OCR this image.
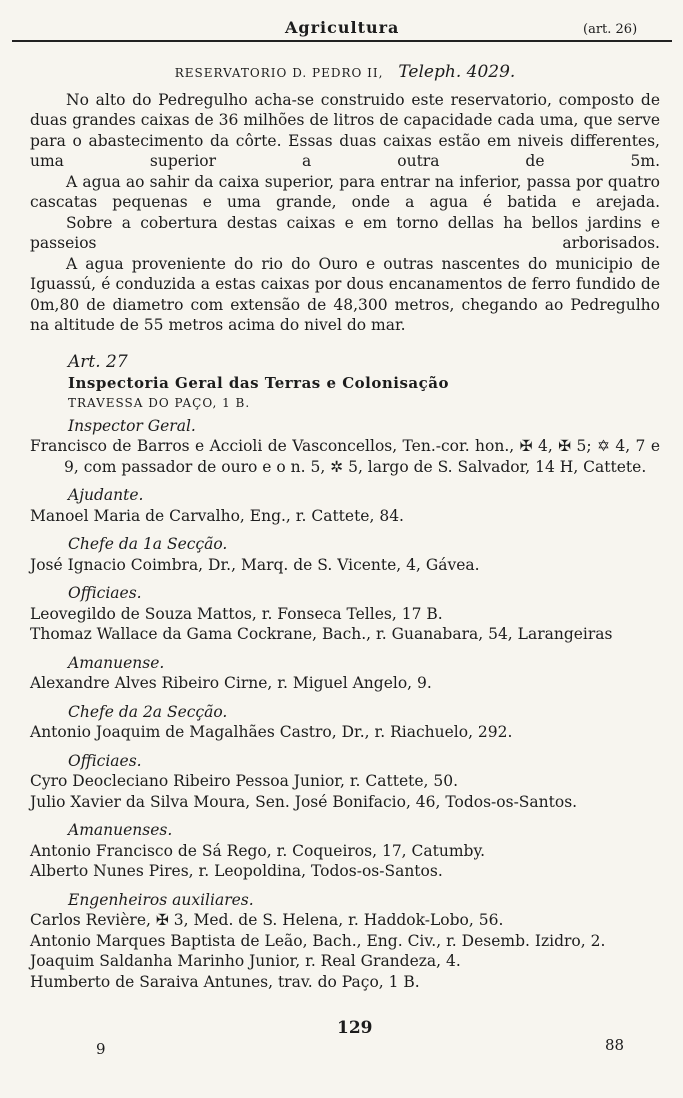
Agricultura	(art. 26)
RESERVATORIO D. PEDRO II, Teleph. 4029.
No alto do Pedregulho acha-se construido este reservatorio, composto de duas grandes caixas de 36 milhões de litros de capacidade cada uma, que serve para o abastecimento da côrte. Essas duas caixas estão em niveis differentes, uma superior a outra de 5m.
A agua ao sahir da caixa superior, para entrar na inferior, passa por quatro cascatas pequenas e uma grande, onde a agua é batida e arejada.
Sobre a cobertura destas caixas e em torno dellas ha bellos jardins e passeios arborisados.
A agua proveniente do rio do Ouro e outras nascentes do municipio de Iguassú, é conduzida a estas caixas por dous encanamentos de ferro fundido de 0m,80 de diametro com extensão de 48,300 metros, chegando ao Pedregulho na altitude de 55 metros acima do nivel do mar.
Art. 27
Inspectoria Geral das Terras e Colonisação
TRAVESSA DO PAÇO, 1 B.
Inspector Geral.
Francisco de Barros e Accioli de Vasconcellos, Ten.-cor. hon., ✠ 4, ✠ 5; ✡ 4, 7 e 9, com passador de ouro e o n. 5, ✲ 5, largo de S. Salvador, 14 H, Cattete.
Ajudante.
Manoel Maria de Carvalho, Eng., r. Cattete, 84.
Chefe da 1a Secção.
José Ignacio Coimbra, Dr., Marq. de S. Vicente, 4, Gávea.
Officiaes.
Leovegildo de Souza Mattos, r. Fonseca Telles, 17 B.
Thomaz Wallace da Gama Cockrane, Bach., r. Guanabara, 54, Larangeiras
Amanuense.
Alexandre Alves Ribeiro Cirne, r. Miguel Angelo, 9.
Chefe da 2a Secção.
Antonio Joaquim de Magalhães Castro, Dr., r. Riachuelo, 292.
Officiaes.
Cyro Deocleciano Ribeiro Pessoa Junior, r. Cattete, 50.
Julio Xavier da Silva Moura, Sen. José Bonifacio, 46, Todos-os-Santos.
Amanuenses.
Antonio Francisco de Sá Rego, r. Coqueiros, 17, Catumby.
Alberto Nunes Pires, r. Leopoldina, Todos-os-Santos.
Engenheiros auxiliares.
Carlos Revière, ✠ 3, Med. de S. Helena, r. Haddok-Lobo, 56.
Antonio Marques Baptista de Leão, Bach., Eng. Civ., r. Desemb. Izidro, 2.
Joaquim Saldanha Marinho Junior, r. Real Grandeza, 4.
Humberto de Saraiva Antunes, trav. do Paço, 1 B.
129
9	88
